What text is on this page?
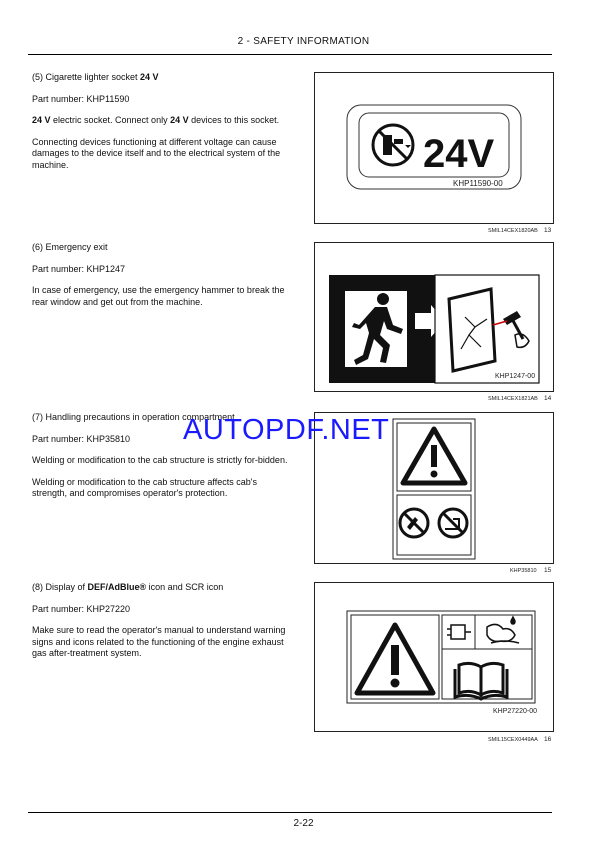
2 - SAFETY INFORMATION

(5) Cigarette lighter socket 24 V

Part number: KHP11590

24 V electric socket. Connect only 24 V devices to this socket.

Connecting devices functioning at different voltage can cause damages to the device itself and to the electrical system of the machine.	24V
KHP11590-00
SMIL14CEX1820AB 13

(6) Emergency exit

Part number: KHP1247

In case of emergency, use the emergency hammer to break the rear window and get out from the machine.

KHP1247-00
SMIL14CEX1821AB 14

(7) Handling precautions in operation compartment

Part number: KHP35810

Welding or modification to the cab structure is strictly for-bidden.

Welding or modification to the cab structure affects cab's strength, and compromises operator's protection.

KHP35810 15

(8) Display of DEF/AdBlue® icon and SCR icon

Part number: KHP27220

Make sure to read the operator's manual to understand warning signs and icons related to the functioning of the engine exhaust gas after-treatment system.

KHP27220-00
SMIL15CEX0449AA 16
AUTOPDF.NET
2-22
